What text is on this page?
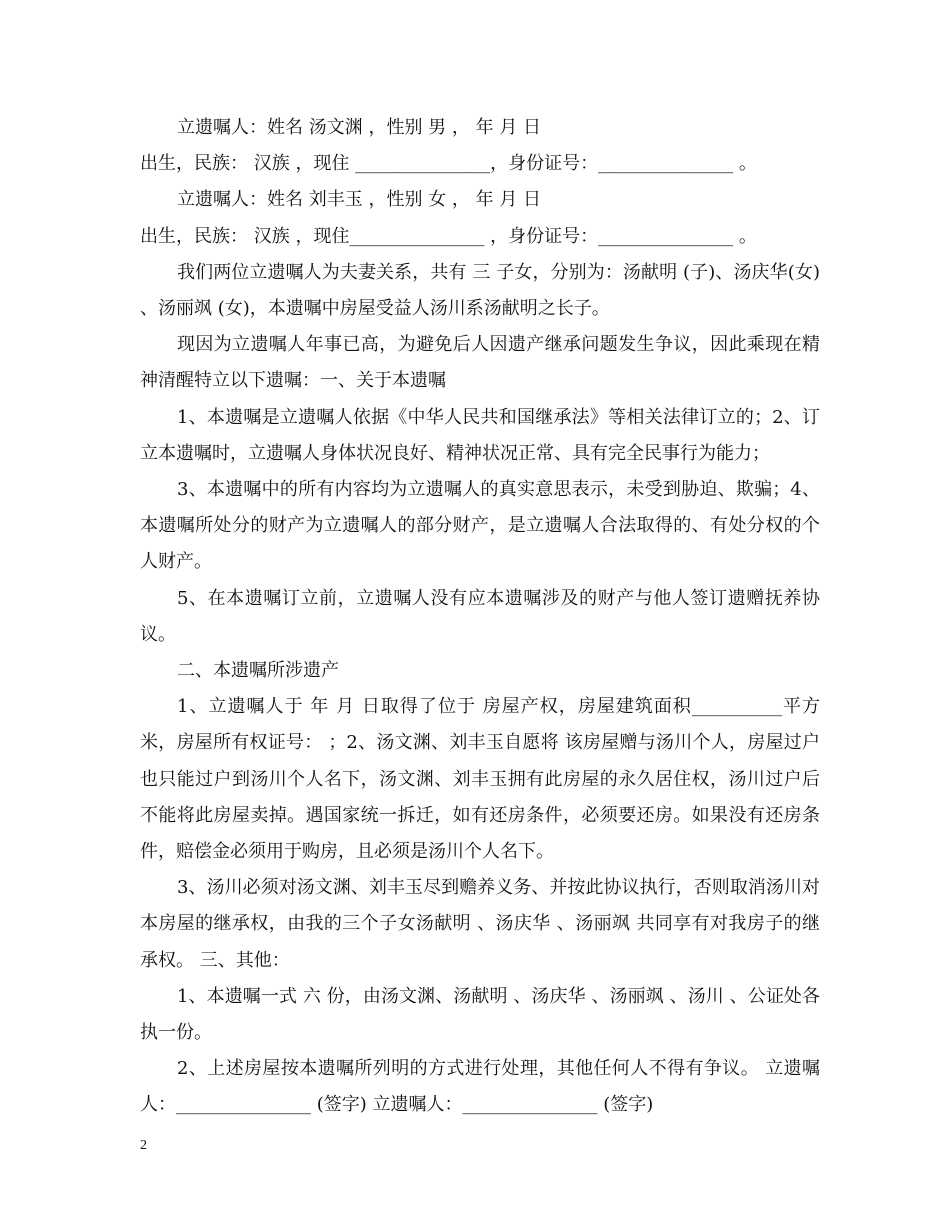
立遗嘱人：姓名 汤文渊 ，性别 男 ， 年 月 日

出生，民族： 汉族 ，现住 _______________，身份证号：_______________ 。

立遗嘱人：姓名 刘丰玉 ，性别 女 ， 年 月 日

出生，民族： 汉族 ，现住_______________ ，身份证号：_______________ 。

我们两位立遗嘱人为夫妻关系，共有 三 子女，分别为：汤献明 (子)、汤庆华(女) 、汤丽飒 (女)，本遗嘱中房屋受益人汤川系汤献明之长子。

现因为立遗嘱人年事已高，为避免后人因遗产继承问题发生争议，因此乘现在精神清醒特立以下遗嘱：一、关于本遗嘱

1、本遗嘱是立遗嘱人依据《中华人民共和国继承法》等相关法律订立的；2、订立本遗嘱时，立遗嘱人身体状况良好、精神状况正常、具有完全民事行为能力；

3、本遗嘱中的所有内容均为立遗嘱人的真实意思表示，未受到胁迫、欺骗；4、本遗嘱所处分的财产为立遗嘱人的部分财产，是立遗嘱人合法取得的、有处分权的个人财产。

5、在本遗嘱订立前，立遗嘱人没有应本遗嘱涉及的财产与他人签订遗赠抚养协议。

二、本遗嘱所涉遗产

1、立遗嘱人于 年 月 日取得了位于 房屋产权，房屋建筑面积__________平方米，房屋所有权证号： ；2、汤文渊、刘丰玉自愿将 该房屋赠与汤川个人，房屋过户也只能过户到汤川个人名下，汤文渊、刘丰玉拥有此房屋的永久居住权，汤川过户后不能将此房屋卖掉。遇国家统一拆迁，如有还房条件，必须要还房。如果没有还房条件，赔偿金必须用于购房，且必须是汤川个人名下。

3、汤川必须对汤文渊、刘丰玉尽到赡养义务、并按此协议执行，否则取消汤川对本房屋的继承权，由我的三个子女汤献明 、汤庆华 、汤丽飒 共同享有对我房子的继承权。 三、其他：

1、本遗嘱一式 六 份，由汤文渊、汤献明 、汤庆华 、汤丽飒 、汤川 、公证处各执一份。

2、上述房屋按本遗嘱所列明的方式进行处理，其他任何人不得有争议。 立遗嘱人：_______________ (签字) 立遗嘱人：_______________ (签字)

2
